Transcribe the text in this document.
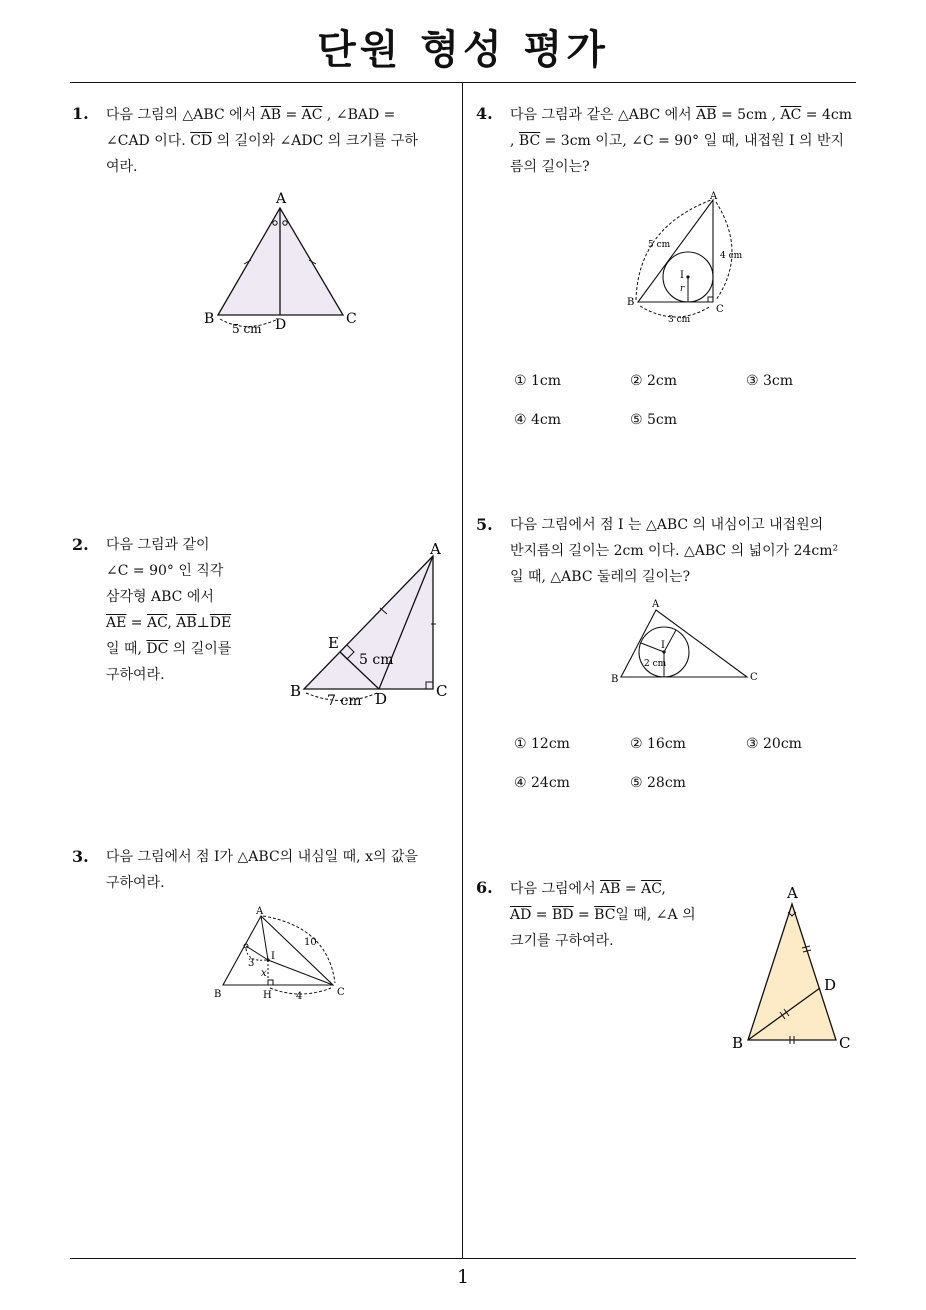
단원 형성 평가
1
1. 다음 그림의 △ABC 에서 $\overline{AB} = \overline{AC}$ , ∠BAD =
∠CAD 이다. $\overline{CD}$ 의 길이와 ∠ADC 의 크기를 구하
여라.
A
B	C
D
5 cm
2. 다음 그림과 같이
∠C = 90° 인 직각
삼각형 ABC 에서
$\overline{AE} = \overline{AC}$, $\overline{AB}\perp\overline{DE}$
일 때, $\overline{DC}$ 의 길이를
구하여라.
A
B	C
D
E
5 cm
7 cm
3. 다음 그림에서 점 I가 △ABC의 내심일 때, x의 값을
구하여라.
A
B	C
H
I
x
10
3
4
4. 다음 그림과 같은 △ABC 에서 $\overline{AB} = 5cm$ , $\overline{AC} = 4cm$
, $\overline{BC} = 3cm$ 이고, ∠C = 90° 일 때, 내접원 I 의 반지
름의 길이는?
A
B
C
I
r
5 cm
4 cm
3 cm
① 1cm	② 2cm	③ 3cm
④ 4cm	⑤ 5cm
5. 다음 그림에서 점 I 는 △ABC 의 내심이고 내접원의
반지름의 길이는 2cm 이다. △ABC 의 넓이가 24cm²
일 때, △ABC 둘레의 길이는?
A
B	C
I
2 cm
① 12cm	② 16cm	③ 20cm
④ 24cm	⑤ 28cm
6. 다음 그림에서 $\overline{AB} = \overline{AC}$,
$\overline{AD} = \overline{BD} = \overline{BC}$일 때, ∠A 의
크기를 구하여라.
A
B	C
D
